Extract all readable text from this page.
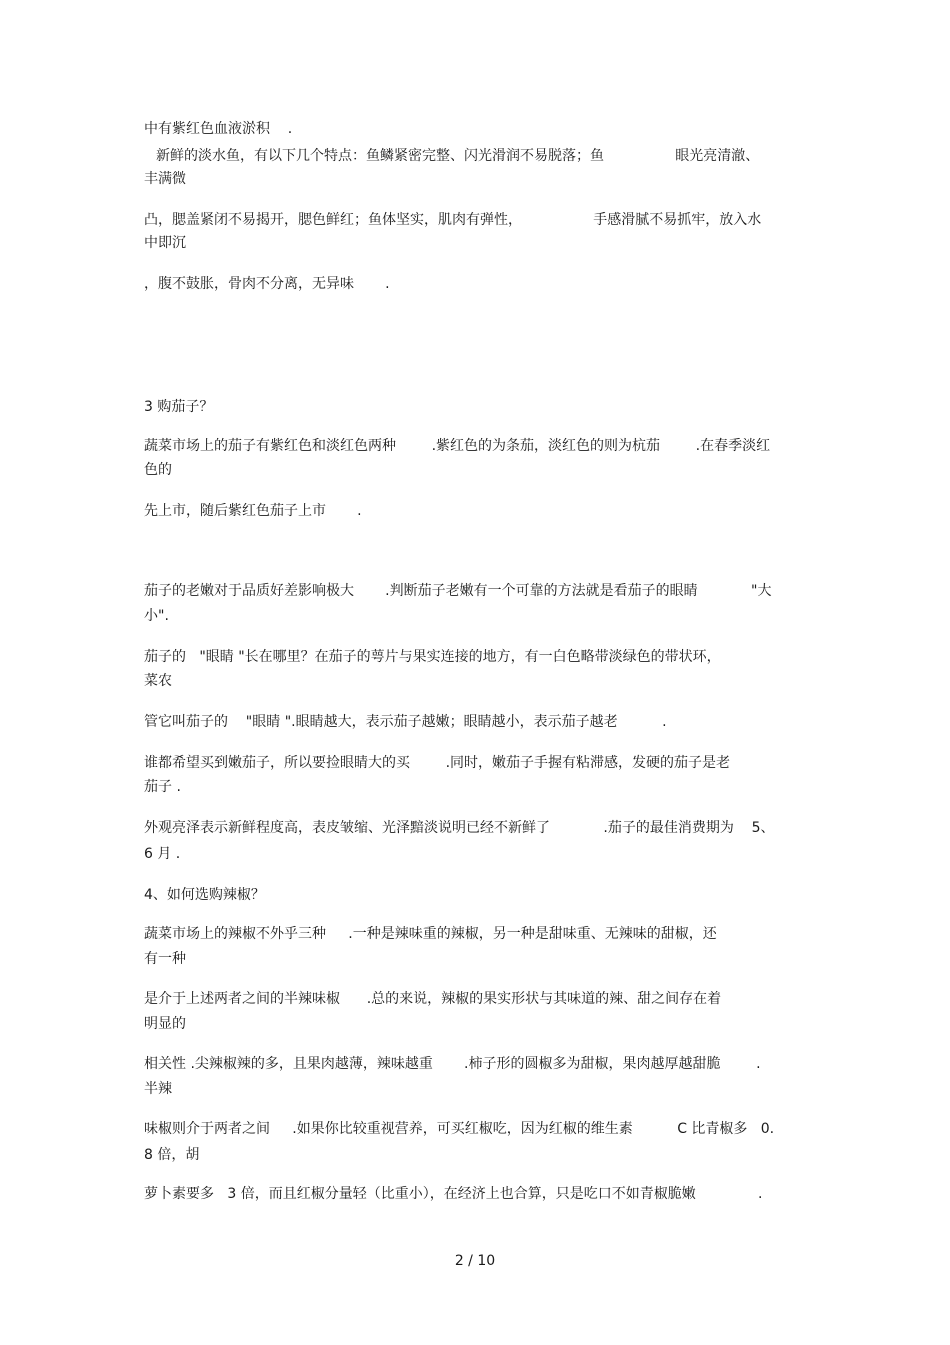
中有紫红色血液淤积    .
新鲜的淡水鱼，有以下几个特点：鱼鳞紧密完整、闪光滑润不易脱落；鱼                眼光亮清澈、
丰满微
凸，腮盖紧闭不易揭开，腮色鲜红；鱼体坚实，肌肉有弹性，                手感滑腻不易抓牢，放入水
中即沉
，腹不鼓胀，骨肉不分离，无异味       .
3 购茄子？
蔬菜市场上的茄子有紫红色和淡红色两种        .紫红色的为条茄，淡红色的则为杭茄        .在春季淡红
色的
先上市，随后紫红色茄子上市       .
茄子的老嫩对于品质好差影响极大       .判断茄子老嫩有一个可靠的方法就是看茄子的眼睛            "大
小".
茄子的   "眼睛 "长在哪里？在茄子的萼片与果实连接的地方，有一白色略带淡绿色的带状环，
菜农
管它叫茄子的    "眼睛 ".眼睛越大，表示茄子越嫩；眼睛越小，表示茄子越老          .
谁都希望买到嫩茄子，所以要捡眼睛大的买        .同时，嫩茄子手握有粘滞感，发硬的茄子是老
茄子 .
外观亮泽表示新鲜程度高，表皮皱缩、光泽黯淡说明已经不新鲜了            .茄子的最佳消费期为    5、
6 月 .
4、如何选购辣椒？
蔬菜市场上的辣椒不外乎三种     .一种是辣味重的辣椒，另一种是甜味重、无辣味的甜椒，还
有一种
是介于上述两者之间的半辣味椒      .总的来说，辣椒的果实形状与其味道的辣、甜之间存在着
明显的
相关性 .尖辣椒辣的多，且果肉越薄，辣味越重       .柿子形的圆椒多为甜椒，果肉越厚越甜脆        .
半辣
味椒则介于两者之间     .如果你比较重视营养，可买红椒吃，因为红椒的维生素          C 比青椒多   0.
8 倍，胡
萝卜素要多   3 倍，而且红椒分量轻（比重小），在经济上也合算，只是吃口不如青椒脆嫩              .
2 / 10
